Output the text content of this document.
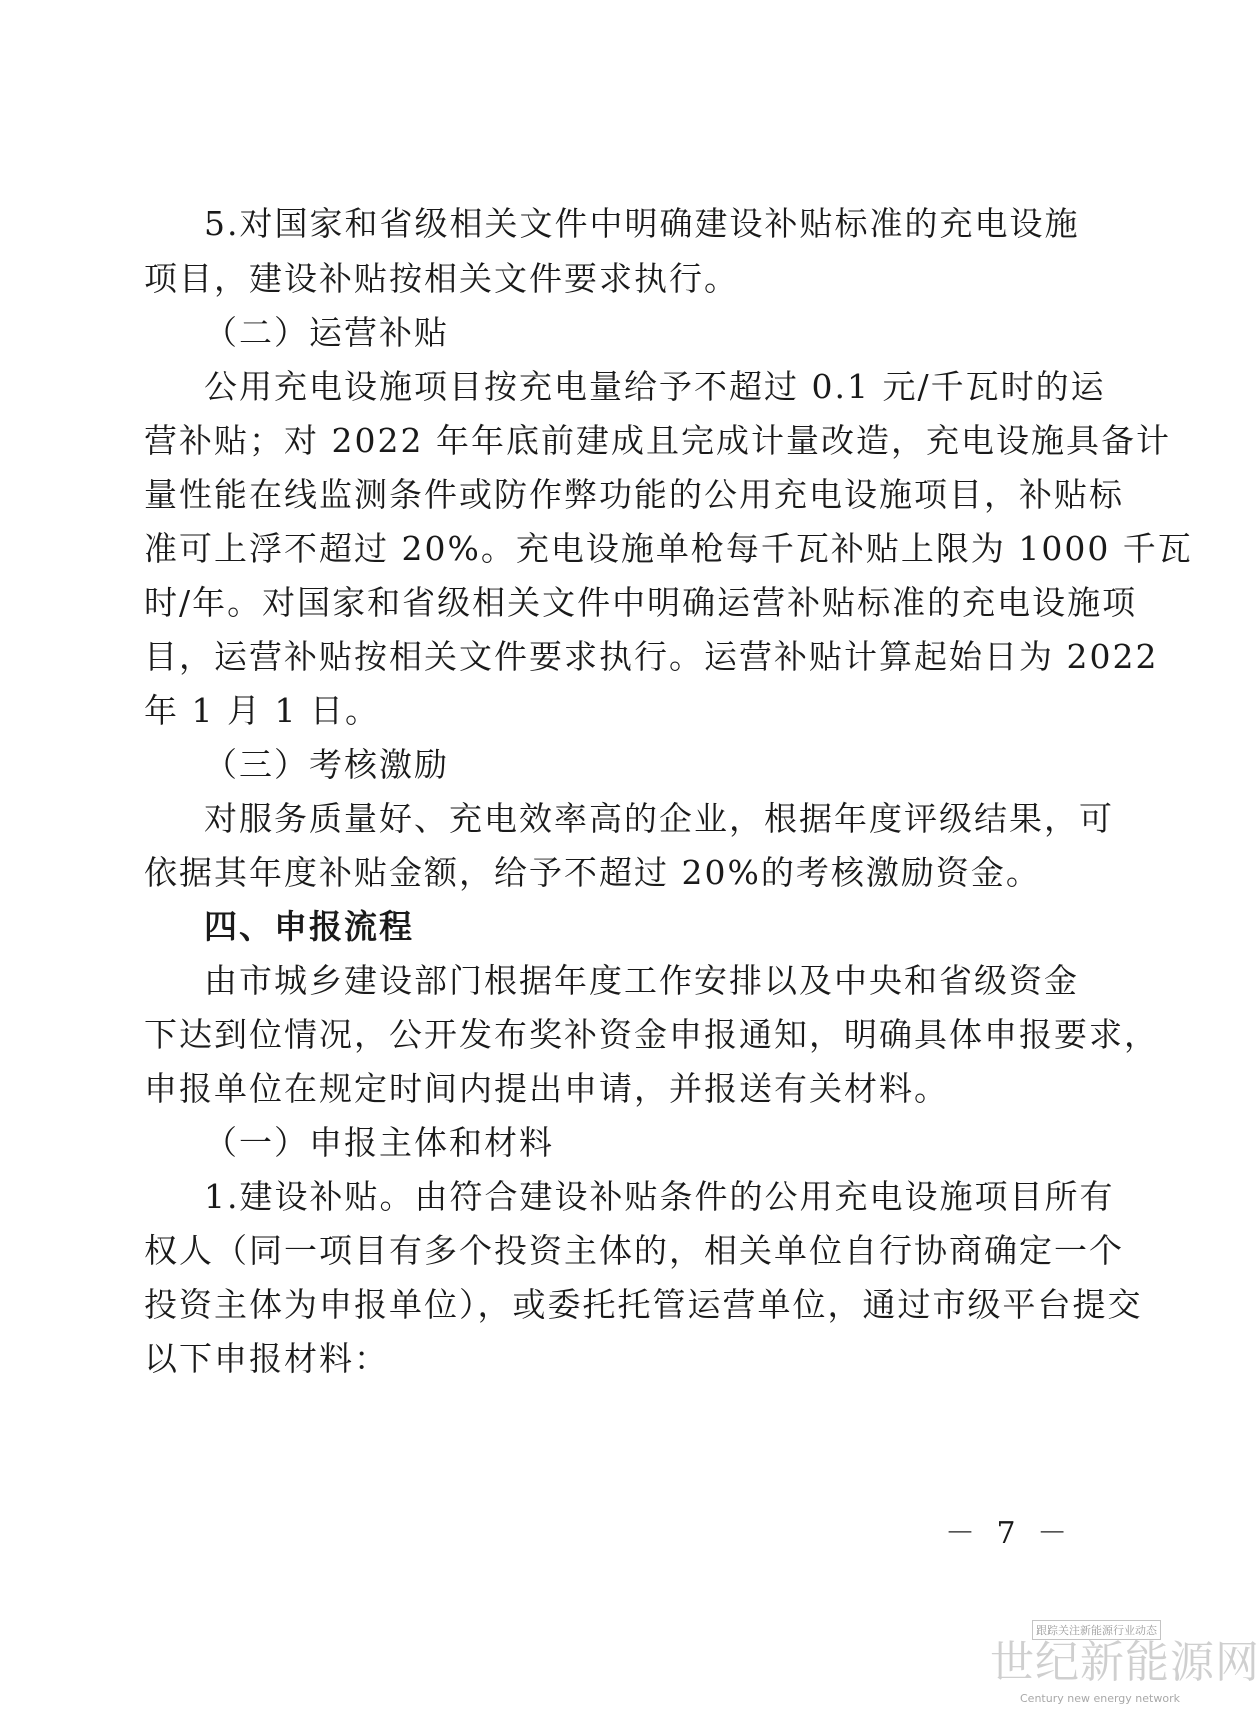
5.对国家和省级相关文件中明确建设补贴标准的充电设施
项目，建设补贴按相关文件要求执行。
（二）运营补贴
公用充电设施项目按充电量给予不超过 0.1 元/千瓦时的运
营补贴；对 2022 年年底前建成且完成计量改造，充电设施具备计
量性能在线监测条件或防作弊功能的公用充电设施项目，补贴标
准可上浮不超过 20%。充电设施单枪每千瓦补贴上限为 1000 千瓦
时/年。对国家和省级相关文件中明确运营补贴标准的充电设施项
目，运营补贴按相关文件要求执行。运营补贴计算起始日为 2022
年 1 月 1 日。
（三）考核激励
对服务质量好、充电效率高的企业，根据年度评级结果，可
依据其年度补贴金额，给予不超过 20%的考核激励资金。
四、申报流程
由市城乡建设部门根据年度工作安排以及中央和省级资金
下达到位情况，公开发布奖补资金申报通知，明确具体申报要求，
申报单位在规定时间内提出申请，并报送有关材料。
（一）申报主体和材料
1.建设补贴。由符合建设补贴条件的公用充电设施项目所有
权人（同一项目有多个投资主体的，相关单位自行协商确定一个
投资主体为申报单位），或委托托管运营单位，通过市级平台提交
以下申报材料：
－ 7 －
跟踪关注新能源行业动态
世纪新能源网
Century new energy network
